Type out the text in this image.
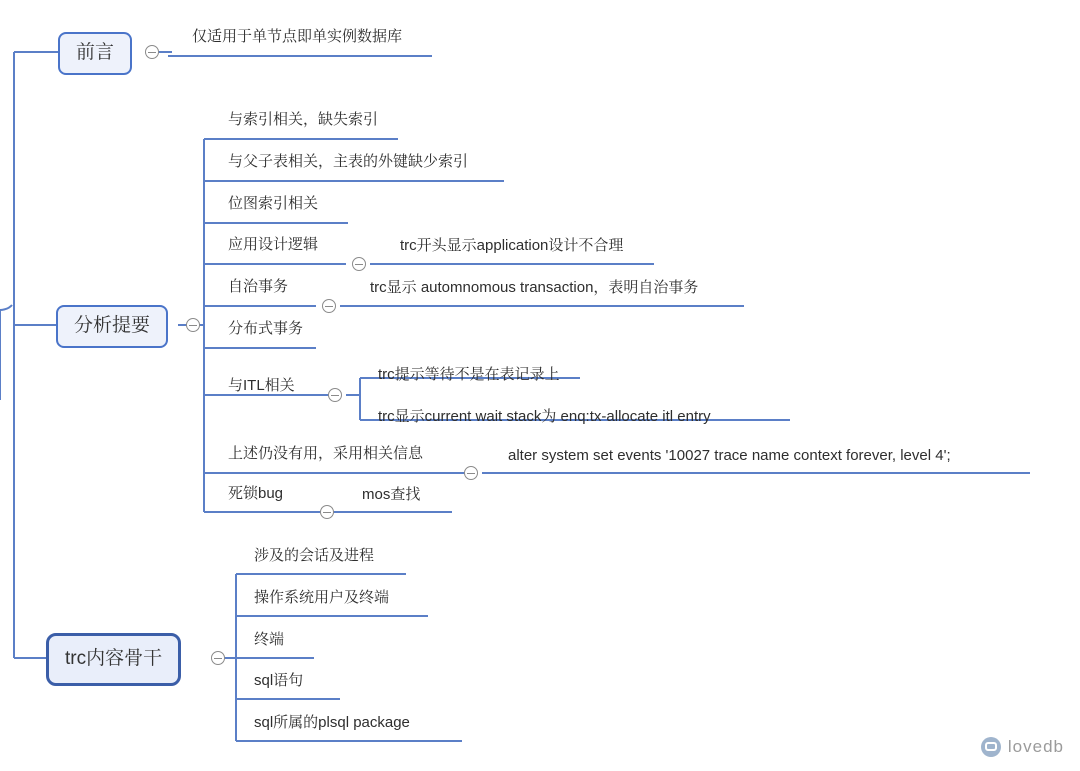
前言
仅适用于单节点即单实例数据库
分析提要
与索引相关，缺失索引
与父子表相关，主表的外键缺少索引
位图索引相关
应用设计逻辑	trc开头显示application设计不合理
自治事务	trc显示 automnomous transaction，表明自治事务
分布式事务
与ITL相关
trc提示等待不是在表记录上
trc显示current wait stack为 enq:tx-allocate itl entry
上述仍没有用，采用相关信息	alter system set events '10027 trace name context forever, level 4';
死锁bug	mos查找
trc内容骨干
涉及的会话及进程
操作系统用户及终端
终端
sql语句
sql所属的plsql package
lovedb
